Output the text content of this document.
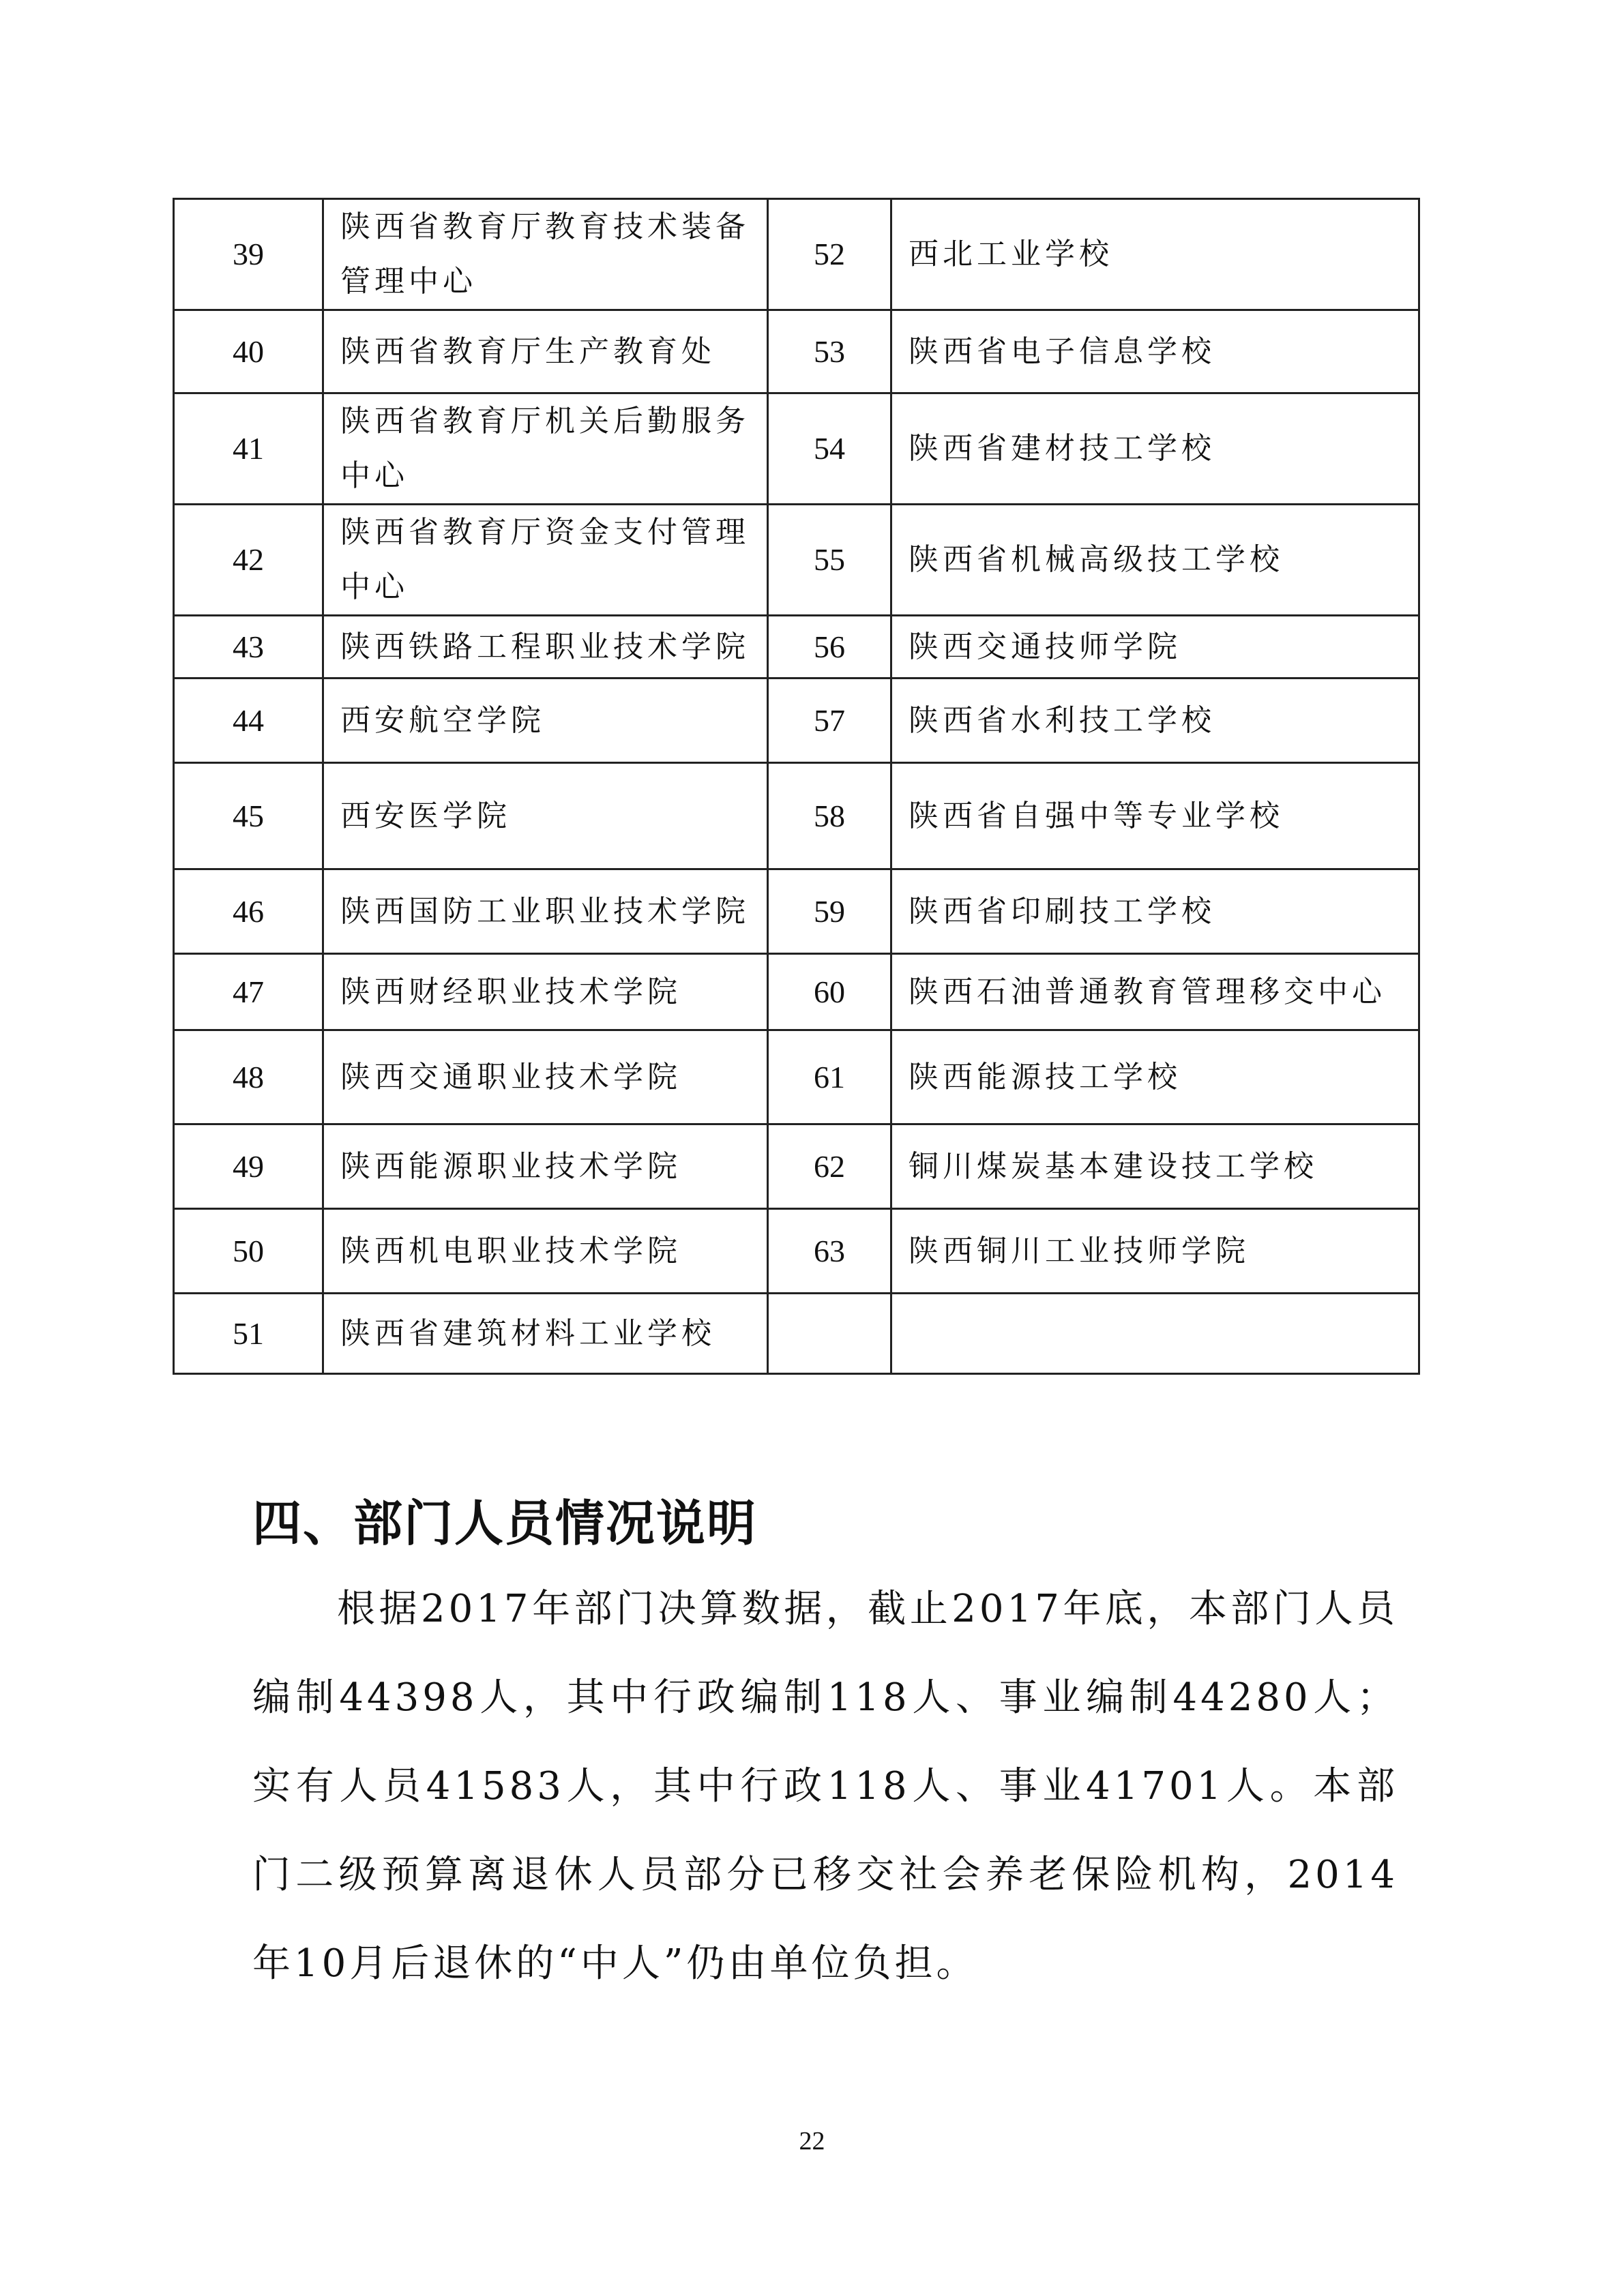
39	陕西省教育厅教育技术装备管理中心	52	西北工业学校
40	陕西省教育厅生产教育处	53	陕西省电子信息学校
41	陕西省教育厅机关后勤服务中心	54	陕西省建材技工学校
42	陕西省教育厅资金支付管理中心	55	陕西省机械高级技工学校
43	陕西铁路工程职业技术学院	56	陕西交通技师学院
44	西安航空学院	57	陕西省水利技工学校
45	西安医学院	58	陕西省自强中等专业学校
46	陕西国防工业职业技术学院	59	陕西省印刷技工学校
47	陕西财经职业技术学院	60	陕西石油普通教育管理移交中心
48	陕西交通职业技术学院	61	陕西能源技工学校
49	陕西能源职业技术学院	62	铜川煤炭基本建设技工学校
50	陕西机电职业技术学院	63	陕西铜川工业技师学院
51	陕西省建筑材料工业学校		
四、部门人员情况说明

根据2017年部门决算数据，截止2017年底，本部门人员编制44398人，其中行政编制118人、事业编制44280人；实有人员41583人，其中行政118人、事业41701人。本部门二级预算离退休人员部分已移交社会养老保险机构，2014年10月后退休的“中人”仍由单位负担。

22
